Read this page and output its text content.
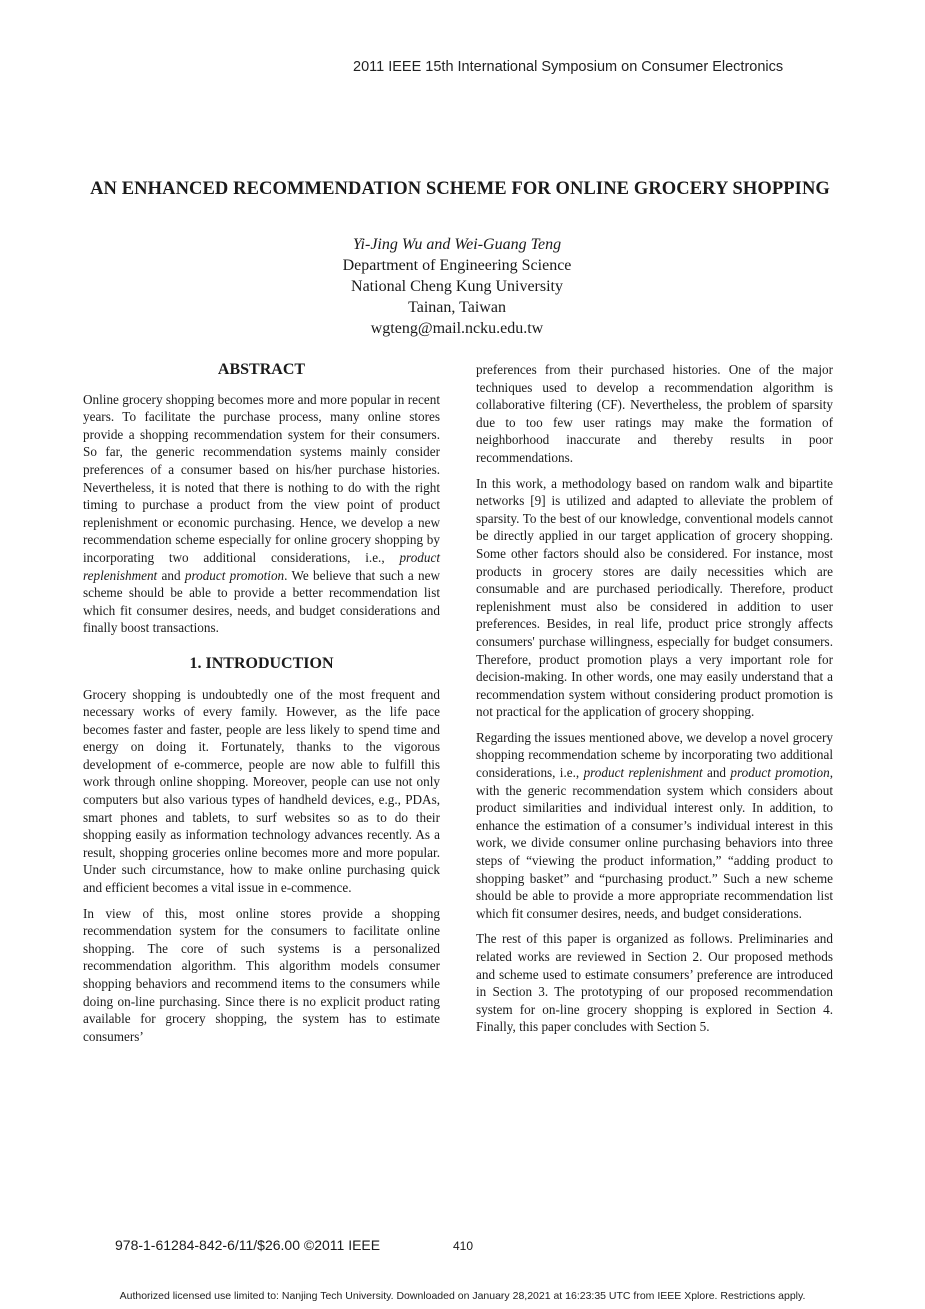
2011 IEEE 15th International Symposium on Consumer Electronics
AN ENHANCED RECOMMENDATION SCHEME FOR ONLINE GROCERY SHOPPING
Yi-Jing Wu and Wei-Guang Teng
Department of Engineering Science
National Cheng Kung University
Tainan, Taiwan
wgteng@mail.ncku.edu.tw
ABSTRACT

Online grocery shopping becomes more and more popular in recent years. To facilitate the purchase process, many online stores provide a shopping recommendation system for their consumers. So far, the generic recommendation systems mainly consider preferences of a consumer based on his/her purchase histories. Nevertheless, it is noted that there is nothing to do with the right timing to purchase a product from the view point of product replenishment or economic purchasing. Hence, we develop a new recommendation scheme especially for online grocery shopping by incorporating two additional considerations, i.e., product replenishment and product promotion. We believe that such a new scheme should be able to provide a better recommendation list which fit consumer desires, needs, and budget considerations and finally boost transactions.

1. INTRODUCTION

Grocery shopping is undoubtedly one of the most frequent and necessary works of every family. However, as the life pace becomes faster and faster, people are less likely to spend time and energy on doing it. Fortunately, thanks to the vigorous development of e-commerce, people are now able to fulfill this work through online shopping. Moreover, people can use not only computers but also various types of handheld devices, e.g., PDAs, smart phones and tablets, to surf websites so as to do their shopping easily as information technology advances recently. As a result, shopping groceries online becomes more and more popular. Under such circumstance, how to make online purchasing quick and efficient becomes a vital issue in e-commence.

In view of this, most online stores provide a shopping recommendation system for the consumers to facilitate online shopping. The core of such systems is a personalized recommendation algorithm. This algorithm models consumer shopping behaviors and recommend items to the consumers while doing on-line purchasing. Since there is no explicit product rating available for grocery shopping, the system has to estimate consumers’

preferences from their purchased histories. One of the major techniques used to develop a recommendation algorithm is collaborative filtering (CF). Nevertheless, the problem of sparsity due to too few user ratings may make the formation of neighborhood inaccurate and thereby results in poor recommendations.

In this work, a methodology based on random walk and bipartite networks [9] is utilized and adapted to alleviate the problem of sparsity. To the best of our knowledge, conventional models cannot be directly applied in our target application of grocery shopping. Some other factors should also be considered. For instance, most products in grocery stores are daily necessities which are consumable and are purchased periodically. Therefore, product replenishment must also be considered in addition to user preferences. Besides, in real life, product price strongly affects consumers' purchase willingness, especially for budget consumers. Therefore, product promotion plays a very important role for decision-making. In other words, one may easily understand that a recommendation system without considering product promotion is not practical for the application of grocery shopping.

Regarding the issues mentioned above, we develop a novel grocery shopping recommendation scheme by incorporating two additional considerations, i.e., product replenishment and product promotion, with the generic recommendation system which considers about product similarities and individual interest only. In addition, to enhance the estimation of a consumer’s individual interest in this work, we divide consumer online purchasing behaviors into three steps of “viewing the product information,” “adding product to shopping basket” and “purchasing product.” Such a new scheme should be able to provide a more appropriate recommendation list which fit consumer desires, needs, and budget considerations.

The rest of this paper is organized as follows. Preliminaries and related works are reviewed in Section 2. Our proposed methods and scheme used to estimate consumers’ preference are introduced in Section 3. The prototyping of our proposed recommendation system for on-line grocery shopping is explored in Section 4. Finally, this paper concludes with Section 5.

978-1-61284-842-6/11/$26.00 ©2011 IEEE	410
Authorized licensed use limited to: Nanjing Tech University. Downloaded on January 28,2021 at 16:23:35 UTC from IEEE Xplore. Restrictions apply.
